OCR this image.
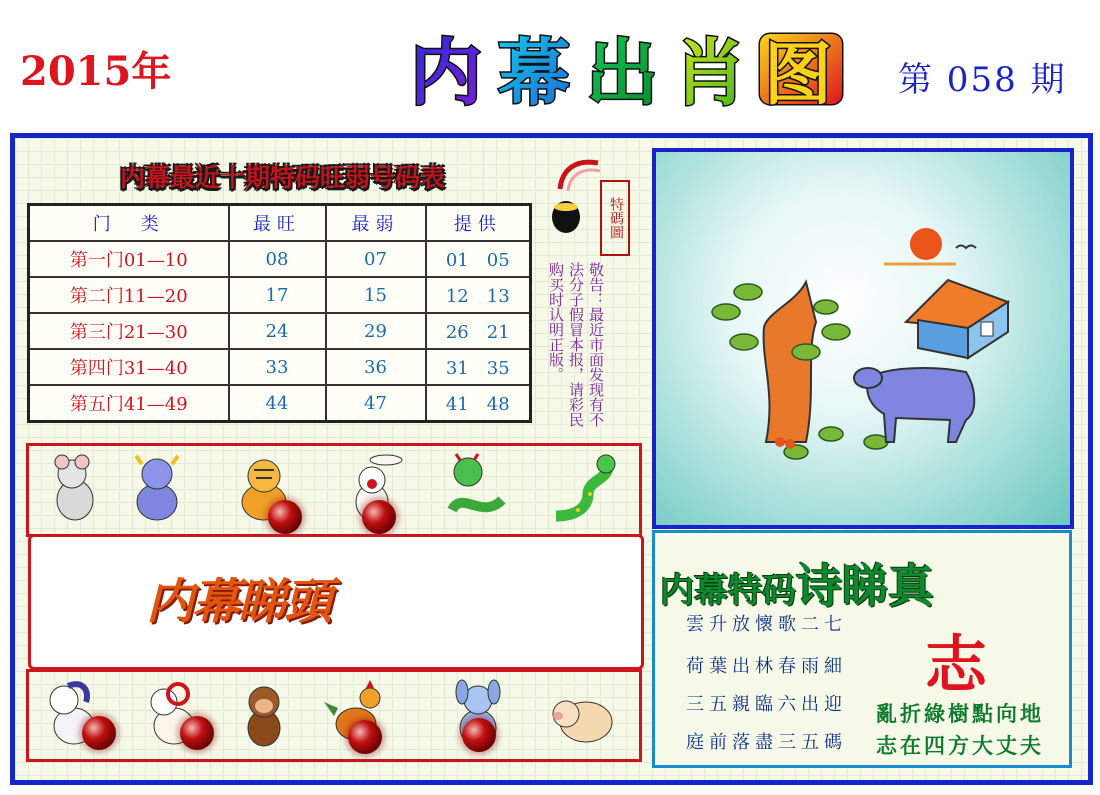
2015年	内 幕 出 肖 图 第 058 期
内幕最近十期特码旺弱号码表
门　类	最旺	最弱	提供
第一门01—10	08	07	01　05
第二门11—20	17	15	12　13
第三门21—30	24	29	26　21
第四门31—40	33	36	31　35
第五门41—49	44	47	41　48
特碼圖
敬告：最近市面发现有不法分子假冒本报，请彩民购买时认明正版。
内幕睇頭	内幕特码诗睇真
雲升放懷歌二七
荷葉出林春雨細
三五親臨六出迎
庭前落盡三五碼
志
亂折綠樹點向地
志在四方大丈夫
